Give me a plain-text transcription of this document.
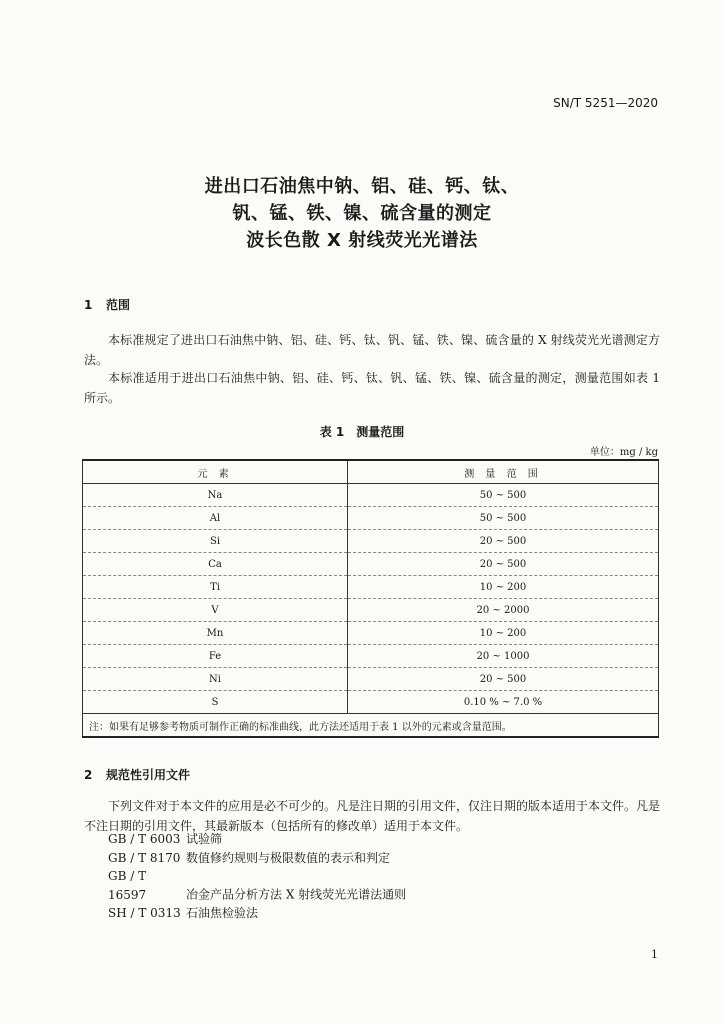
SN/T 5251—2020
进出口石油焦中钠、铝、硅、钙、钛、
钒、锰、铁、镍、硫含量的测定
波长色散 X 射线荧光光谱法
1 范围
本标准规定了进出口石油焦中钠、铝、硅、钙、钛、钒、锰、铁、镍、硫含量的 X 射线荧光光谱测定方法。
本标准适用于进出口石油焦中钠、铝、硅、钙、钛、钒、锰、铁、镍、硫含量的测定，测量范围如表 1 所示。
表 1　测量范围
单位：mg / kg
元 素	测 量 范 围
Na	50 ~ 500
Al	50 ~ 500
Si	20 ~ 500
Ca	20 ~ 500
Ti	10 ~ 200
V	20 ~ 2000
Mn	10 ~ 200
Fe	20 ~ 1000
Ni	20 ~ 500
S	0.10 % ~ 7.0 %
注：如果有足够参考物质可制作正确的标准曲线，此方法还适用于表 1 以外的元素或含量范围。	
2 规范性引用文件
下列文件对于本文件的应用是必不可少的。凡是注日期的引用文件，仅注日期的版本适用于本文件。凡是不注日期的引用文件，其最新版本（包括所有的修改单）适用于本文件。
GB / T 6003 试验筛
GB / T 8170 数值修约规则与极限数值的表示和判定
GB / T 16597	冶金产品分析方法 X 射线荧光光谱法通则
SH / T 0313 石油焦检验法
1
